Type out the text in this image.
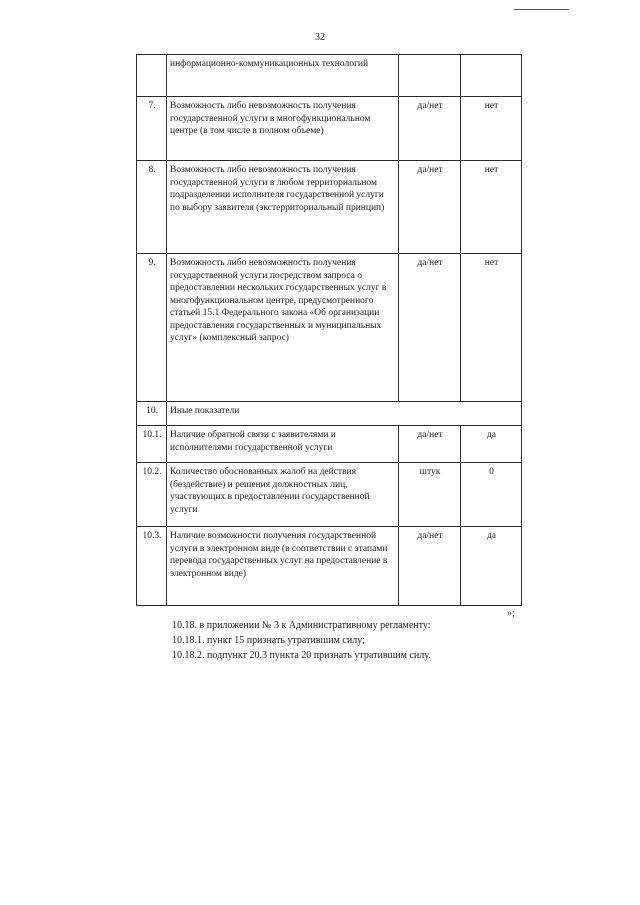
32
	информационно-коммуникационных технологий		
7.	Возможность либо невозможность получения государственной услуги в многофункциональном центре (в том числе в полном объеме)	да/нет	нет
8.	Возможность либо невозможность получения государственной услуги в любом территориальном подразделении исполнителя государственной услуги по выбору заявителя (экстерриториальный принцип)	да/нет	нет
9.	Возможность либо невозможность получения государственной услуги посредством запроса о предоставлении нескольких государственных услуг в многофункциональном центре, предусмотренного статьей 15.1 Федерального закона «Об организации предоставления государственных и муниципальных услуг» (комплексный запрос)	да/нет	нет
10.	Иные показатели		
10.1.	Наличие обратной связи с заявителями и исполнителями государственной услуги	да/нет	да
10.2.	Количество обоснованных жалоб на действия (бездействие) и решения должностных лиц, участвующих в предоставлении государственной услуги	штук	0
10.3.	Наличие возможности получения государственной услуги в электронном виде (в соответствии с этапами перевода государственных услуг на предоставление в электронном виде)	да/нет	да
»;
10.18. в приложении № 3 к Административному регламенту:
10.18.1. пункт 15 признать утратившим силу;
10.18.2. подпункт 20.3 пункта 20 признать утратившим силу.
